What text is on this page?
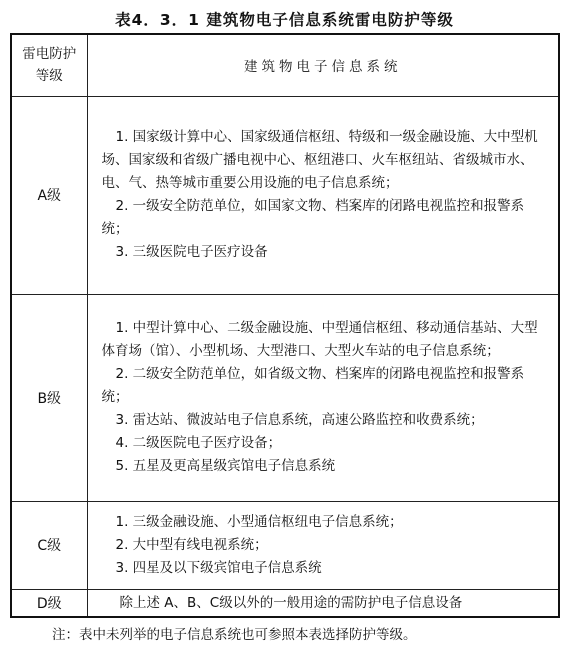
表4．3．1 建筑物电子信息系统雷电防护等级
雷电防护
等级	建筑物电子信息系统
A级	1. 国家级计算中心、国家级通信枢纽、特级和一级金融设施、大中型机场、国家级和省级广播电视中心、枢纽港口、火车枢纽站、省级城市水、电、气、热等城市重要公用设施的电子信息系统；
2. 一级安全防范单位，如国家文物、档案库的闭路电视监控和报警系统；
3. 三级医院电子医疗设备

B级	1. 中型计算中心、二级金融设施、中型通信枢纽、移动通信基站、大型体育场（馆）、小型机场、大型港口、大型火车站的电子信息系统；
2. 二级安全防范单位，如省级文物、档案库的闭路电视监控和报警系统；
3. 雷达站、微波站电子信息系统，高速公路监控和收费系统；
4. 二级医院电子医疗设备；
5. 五星及更高星级宾馆电子信息系统

C级	1. 三级金融设施、小型通信枢纽电子信息系统；
2. 大中型有线电视系统；
3. 四星及以下级宾馆电子信息系统

D级	除上述 A、B、C级以外的一般用途的需防护电子信息设备
注：表中未列举的电子信息系统也可参照本表选择防护等级。
